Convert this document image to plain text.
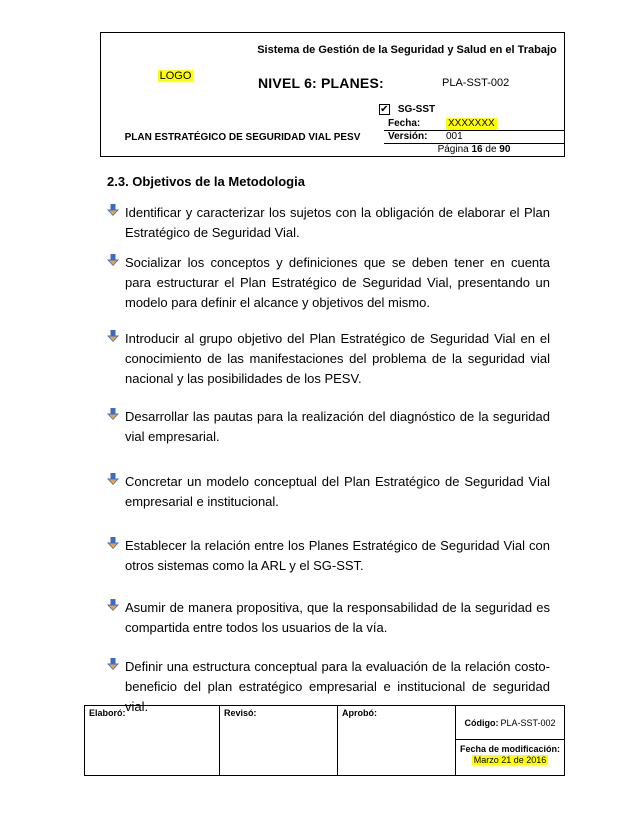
LOGO
Sistema de Gestión de la Seguridad y Salud en el Trabajo
NIVEL 6: PLANES:	PLA-SST-002
✔ SG-SST
PLAN ESTRATÉGICO DE SEGURIDAD VIAL PESV
Fecha:	XXXXXXX
Versión: 001
Página 16 de 90
2.3. Objetivos de la Metodologia
Identificar y caracterizar los sujetos con la obligación de elaborar el Plan Estratégico de Seguridad Vial.
Socializar los conceptos y definiciones que se deben tener en cuenta para estructurar el Plan Estratégico de Seguridad Vial, presentando un modelo para definir el alcance y objetivos del mismo.
Introducir al grupo objetivo del Plan Estratégico de Seguridad Vial en el conocimiento de las manifestaciones del problema de la seguridad vial nacional y las posibilidades de los PESV.
Desarrollar las pautas para la realización del diagnóstico de la seguridad vial empresarial.
Concretar un modelo conceptual del Plan Estratégico de Seguridad Vial empresarial e institucional.
Establecer la relación entre los Planes Estratégico de Seguridad Vial con otros sistemas como la ARL y el SG-SST.
Asumir de manera propositiva, que la responsabilidad de la seguridad es compartida entre todos los usuarios de la vía.
Definir una estructura conceptual para la evaluación de la relación costo-beneficio del plan estratégico empresarial e institucional de seguridad vial.
Elaboró:	Revisó:	Aprobó:
Código: PLA-SST-002
Fecha de modificación:
Marzo 21 de 2016
